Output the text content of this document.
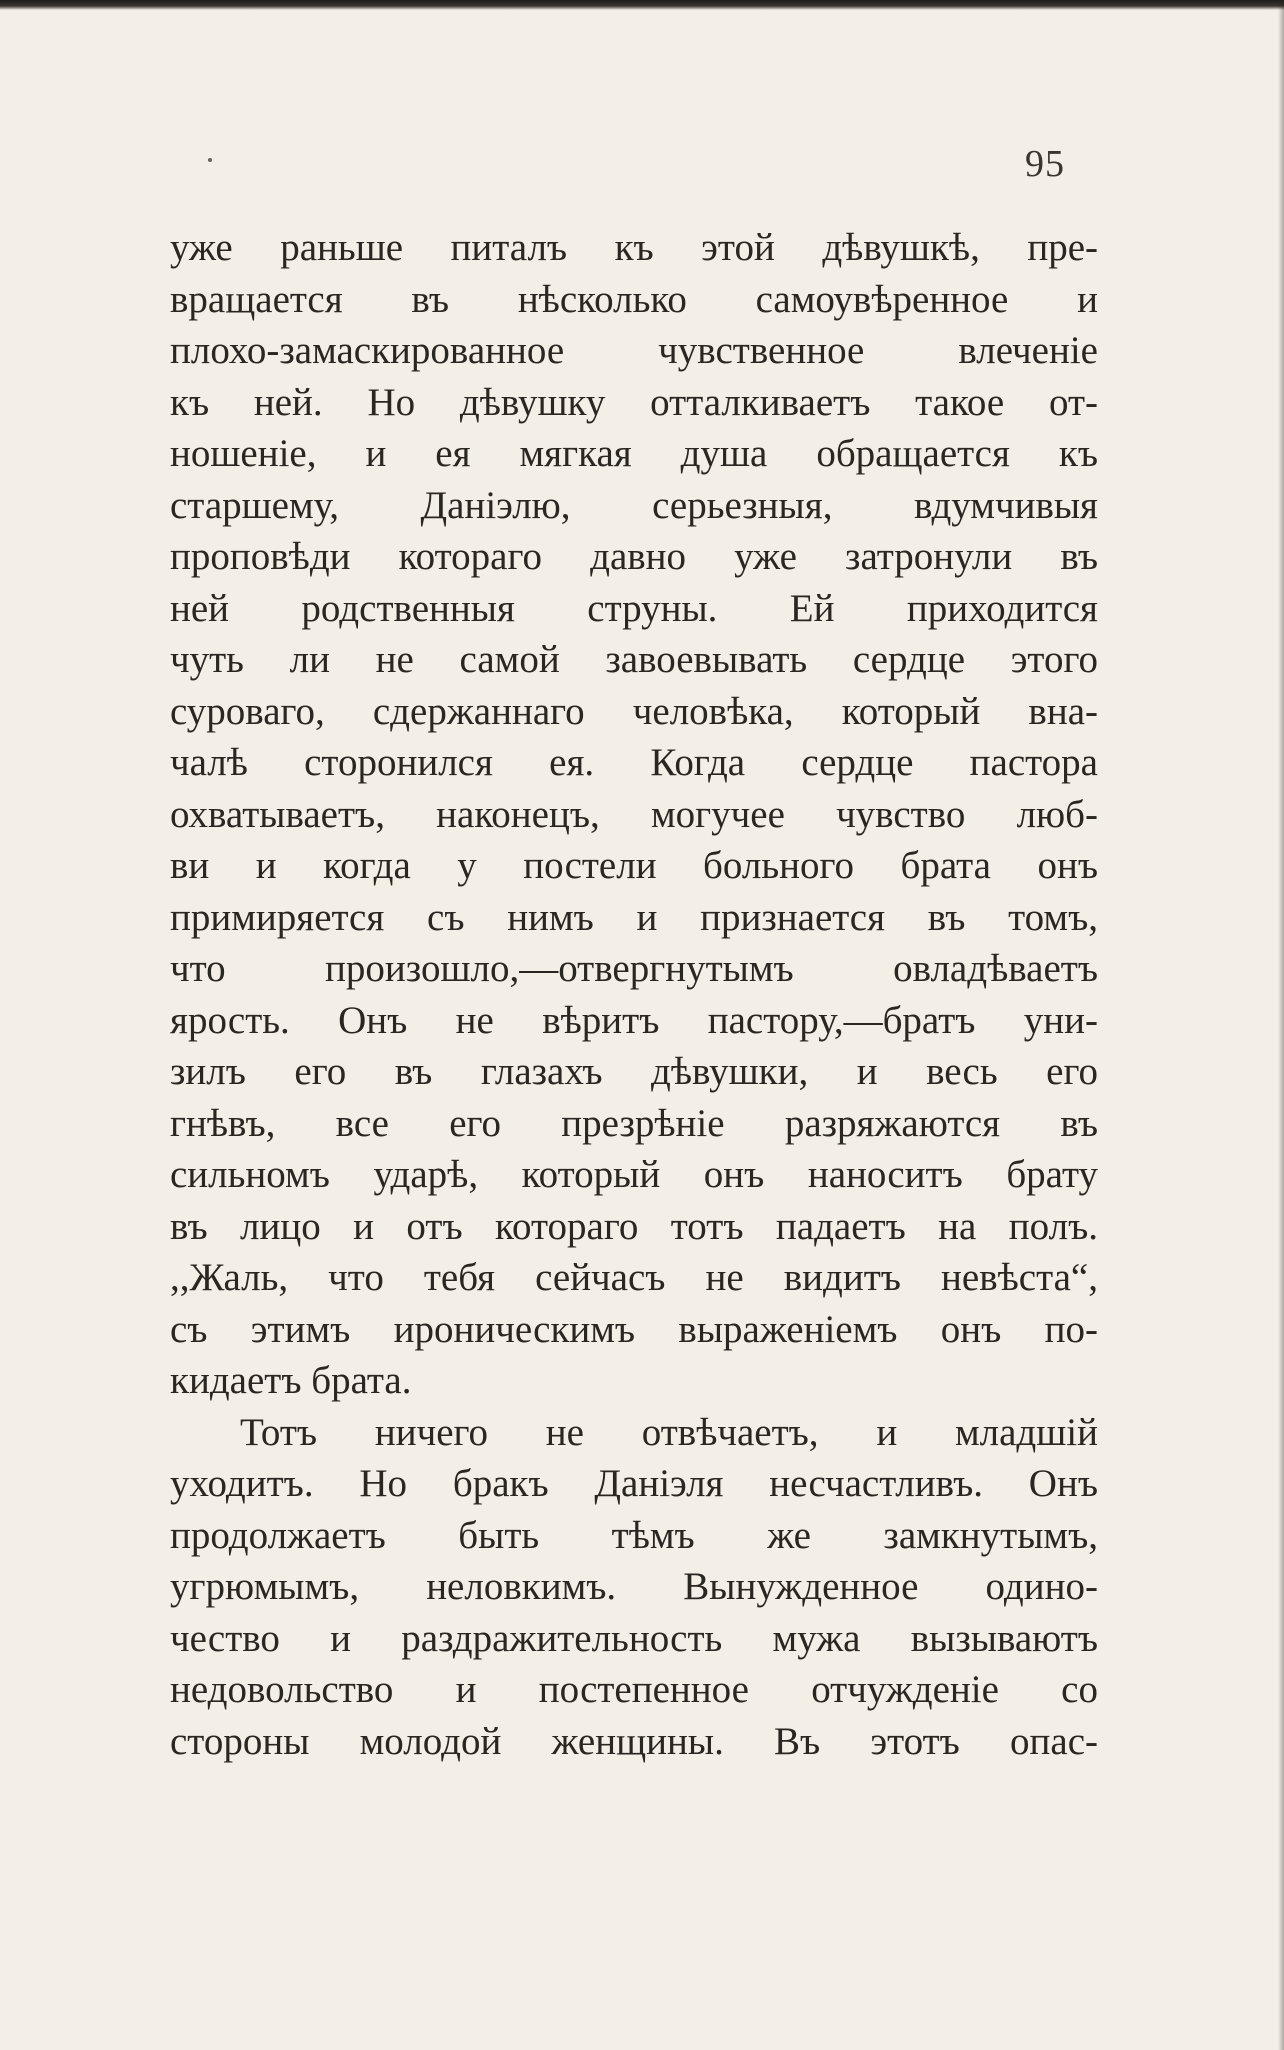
95
уже раньше питалъ къ этой дѣвушкѣ, пре-
вращается въ нѣсколько самоувѣренное и
плохо-замаскированное чувственное влеченіе
къ ней. Но дѣвушку отталкиваетъ такое от-
ношеніе, и ея мягкая душа обращается къ
старшему, Даніэлю, серьезныя, вдумчивыя
проповѣди котораго давно уже затронули въ
ней родственныя струны. Ей приходится
чуть ли не самой завоевывать сердце этого
суроваго, сдержаннаго человѣка, который вна-
чалѣ сторонился ея. Когда сердце пастора
охватываетъ, наконецъ, могучее чувство люб-
ви и когда у постели больного брата онъ
примиряется съ нимъ и признается въ томъ,
что произошло,—отвергнутымъ овладѣваетъ
ярость. Онъ не вѣритъ пастору,—братъ уни-
зилъ его въ глазахъ дѣвушки, и весь его
гнѣвъ, все его презрѣніе разряжаются въ
сильномъ ударѣ, который онъ наноситъ брату
въ лицо и отъ котораго тотъ падаетъ на полъ.
,,Жаль, что тебя сейчасъ не видитъ невѣста“,
съ этимъ ироническимъ выраженіемъ онъ по-
кидаетъ брата.
Тотъ ничего не отвѣчаетъ, и младшій
уходитъ. Но бракъ Даніэля несчастливъ. Онъ
продолжаетъ быть тѣмъ же замкнутымъ,
угрюмымъ, неловкимъ. Вынужденное одино-
чество и раздражительность мужа вызываютъ
недовольство и постепенное отчужденіе со
стороны молодой женщины. Въ этотъ опас-
